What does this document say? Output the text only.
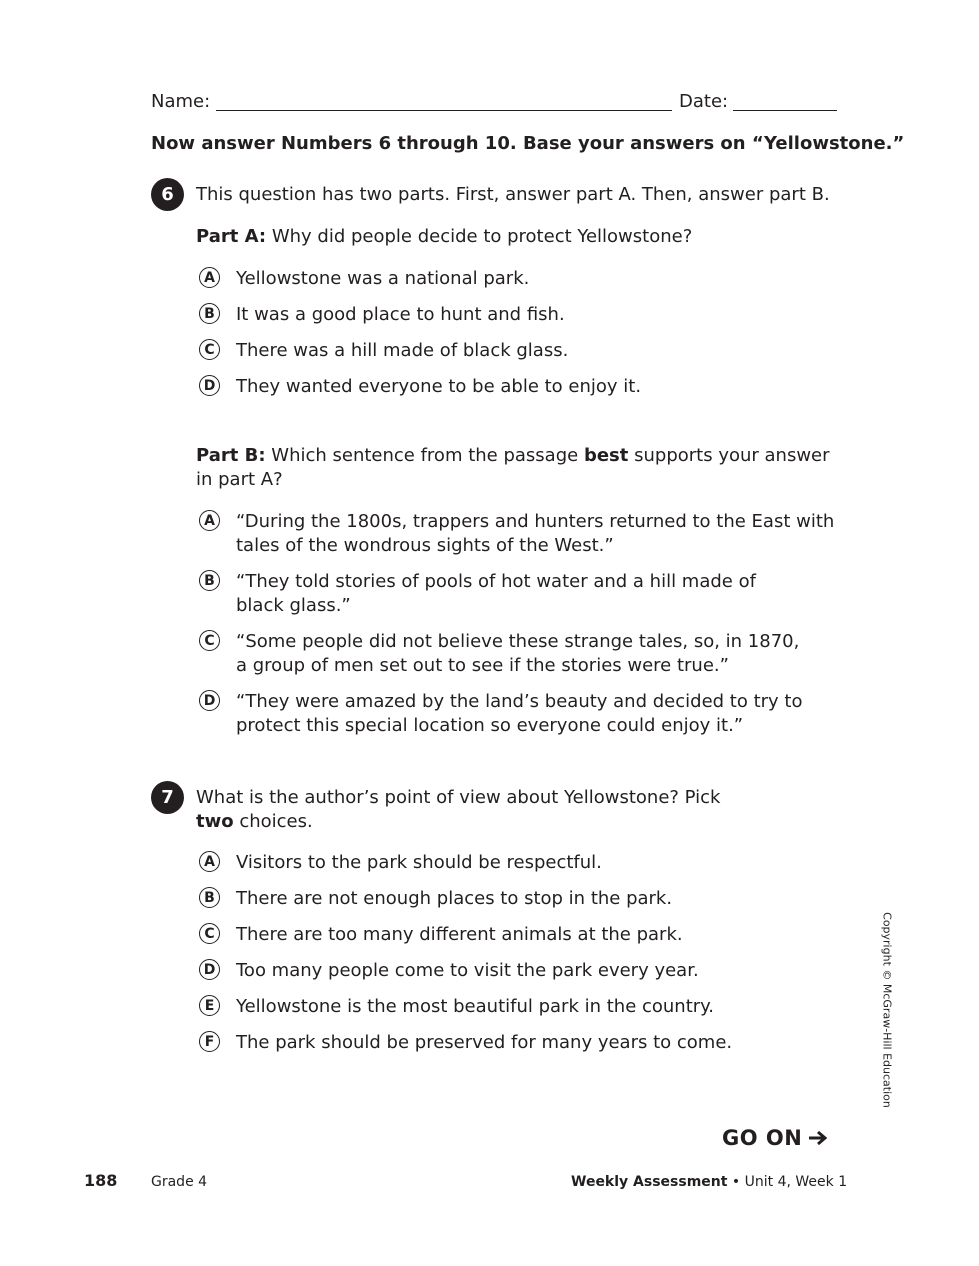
Name:	Date:
Now answer Numbers 6 through 10. Base your answers on “Yellowstone.”
6	This question has two parts. First, answer part A. Then, answer part B.
Part A: Why did people decide to protect Yellowstone?
A Yellowstone was a national park.
B It was a good place to hunt and fish.
C There was a hill made of black glass.
D They wanted everyone to be able to enjoy it.
Part B: Which sentence from the passage best supports your answer
in part A?
A “During the 1800s, trappers and hunters returned to the East with
tales of the wondrous sights of the West.”
B “They told stories of pools of hot water and a hill made of
black glass.”
C “Some people did not believe these strange tales, so, in 1870,
a group of men set out to see if the stories were true.”
D “They were amazed by the land’s beauty and decided to try to
protect this special location so everyone could enjoy it.”
7	What is the author’s point of view about Yellowstone? Pick
two choices.
A Visitors to the park should be respectful.
B There are not enough places to stop in the park.
C There are too many different animals at the park.
D Too many people come to visit the park every year.
E	Yellowstone is the most beautiful park in the country.
F	The park should be preserved for many years to come.	Copyright © McGraw-Hill Education
GO ON
188 Grade 4	Weekly Assessment • Unit 4, Week 1
